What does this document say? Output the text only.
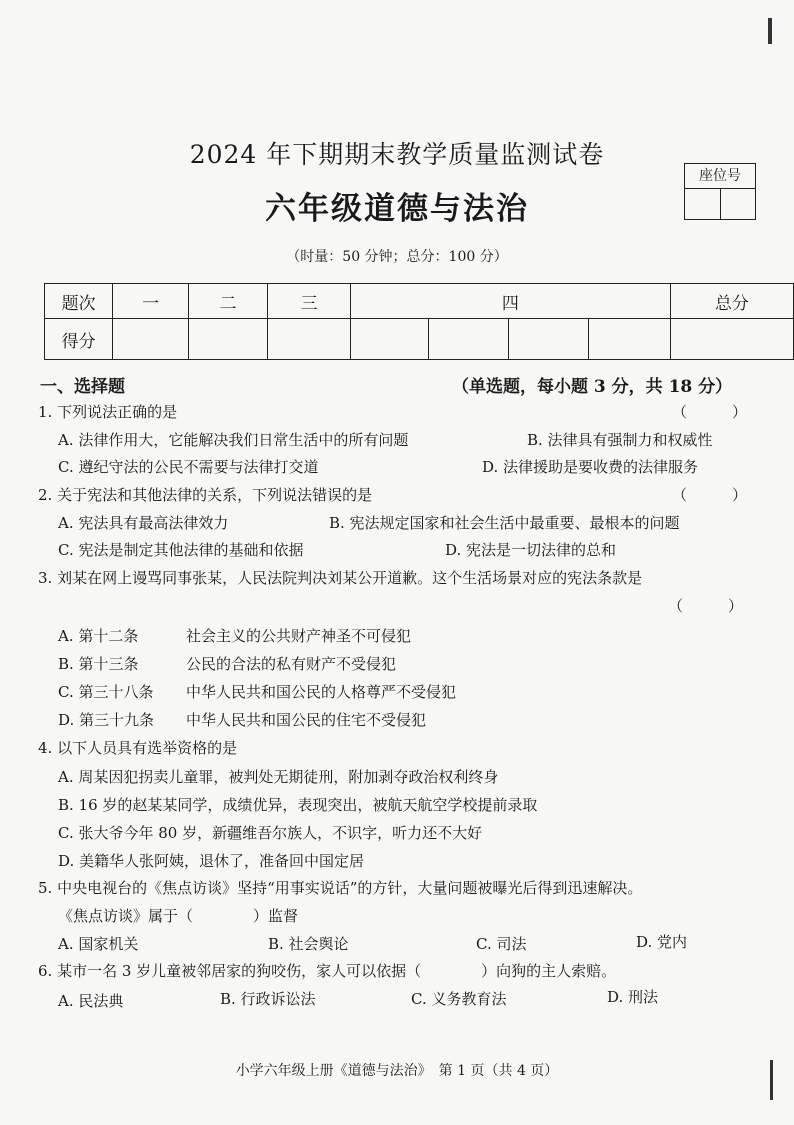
2024 年下期期末教学质量监测试卷
六年级道德与法治
（时量：50 分钟；总分：100 分）
座位号
题次	一	二	三	四				总分
得分								
一、选择题	（单选题，每小题 3 分，共 18 分）
1. 下列说法正确的是	（　　　）
A. 法律作用大，它能解决我们日常生活中的所有问题	B. 法律具有强制力和权威性
C. 遵纪守法的公民不需要与法律打交道	D. 法律援助是要收费的法律服务
2. 关于宪法和其他法律的关系，下列说法错误的是	（　　　）
A. 宪法具有最高法律效力	B. 宪法规定国家和社会生活中最重要、最根本的问题
C. 宪法是制定其他法律的基础和依据	D. 宪法是一切法律的总和
3. 刘某在网上谩骂同事张某，人民法院判决刘某公开道歉。这个生活场景对应的宪法条款是
（　　　）
A. 第十二条	社会主义的公共财产神圣不可侵犯
B. 第十三条	公民的合法的私有财产不受侵犯
C. 第三十八条 中华人民共和国公民的人格尊严不受侵犯
D. 第三十九条 中华人民共和国公民的住宅不受侵犯
4. 以下人员具有选举资格的是
A. 周某因犯拐卖儿童罪，被判处无期徒刑，附加剥夺政治权利终身
B. 16 岁的赵某某同学，成绩优异，表现突出，被航天航空学校提前录取
C. 张大爷今年 80 岁，新疆维吾尔族人，不识字，听力还不大好
D. 美籍华人张阿姨，退休了，准备回中国定居
5. 中央电视台的《焦点访谈》坚持“用事实说话”的方针，大量问题被曝光后得到迅速解决。
《焦点访谈》属于（　　　　）监督
A. 国家机关	B. 社会舆论	C. 司法	D. 党内
6. 某市一名 3 岁儿童被邻居家的狗咬伤，家人可以依据（　　　　）向狗的主人索赔。
A. 民法典	B. 行政诉讼法	C. 义务教育法	D. 刑法
小学六年级上册《道德与法治》　第 1 页（共 4 页）
